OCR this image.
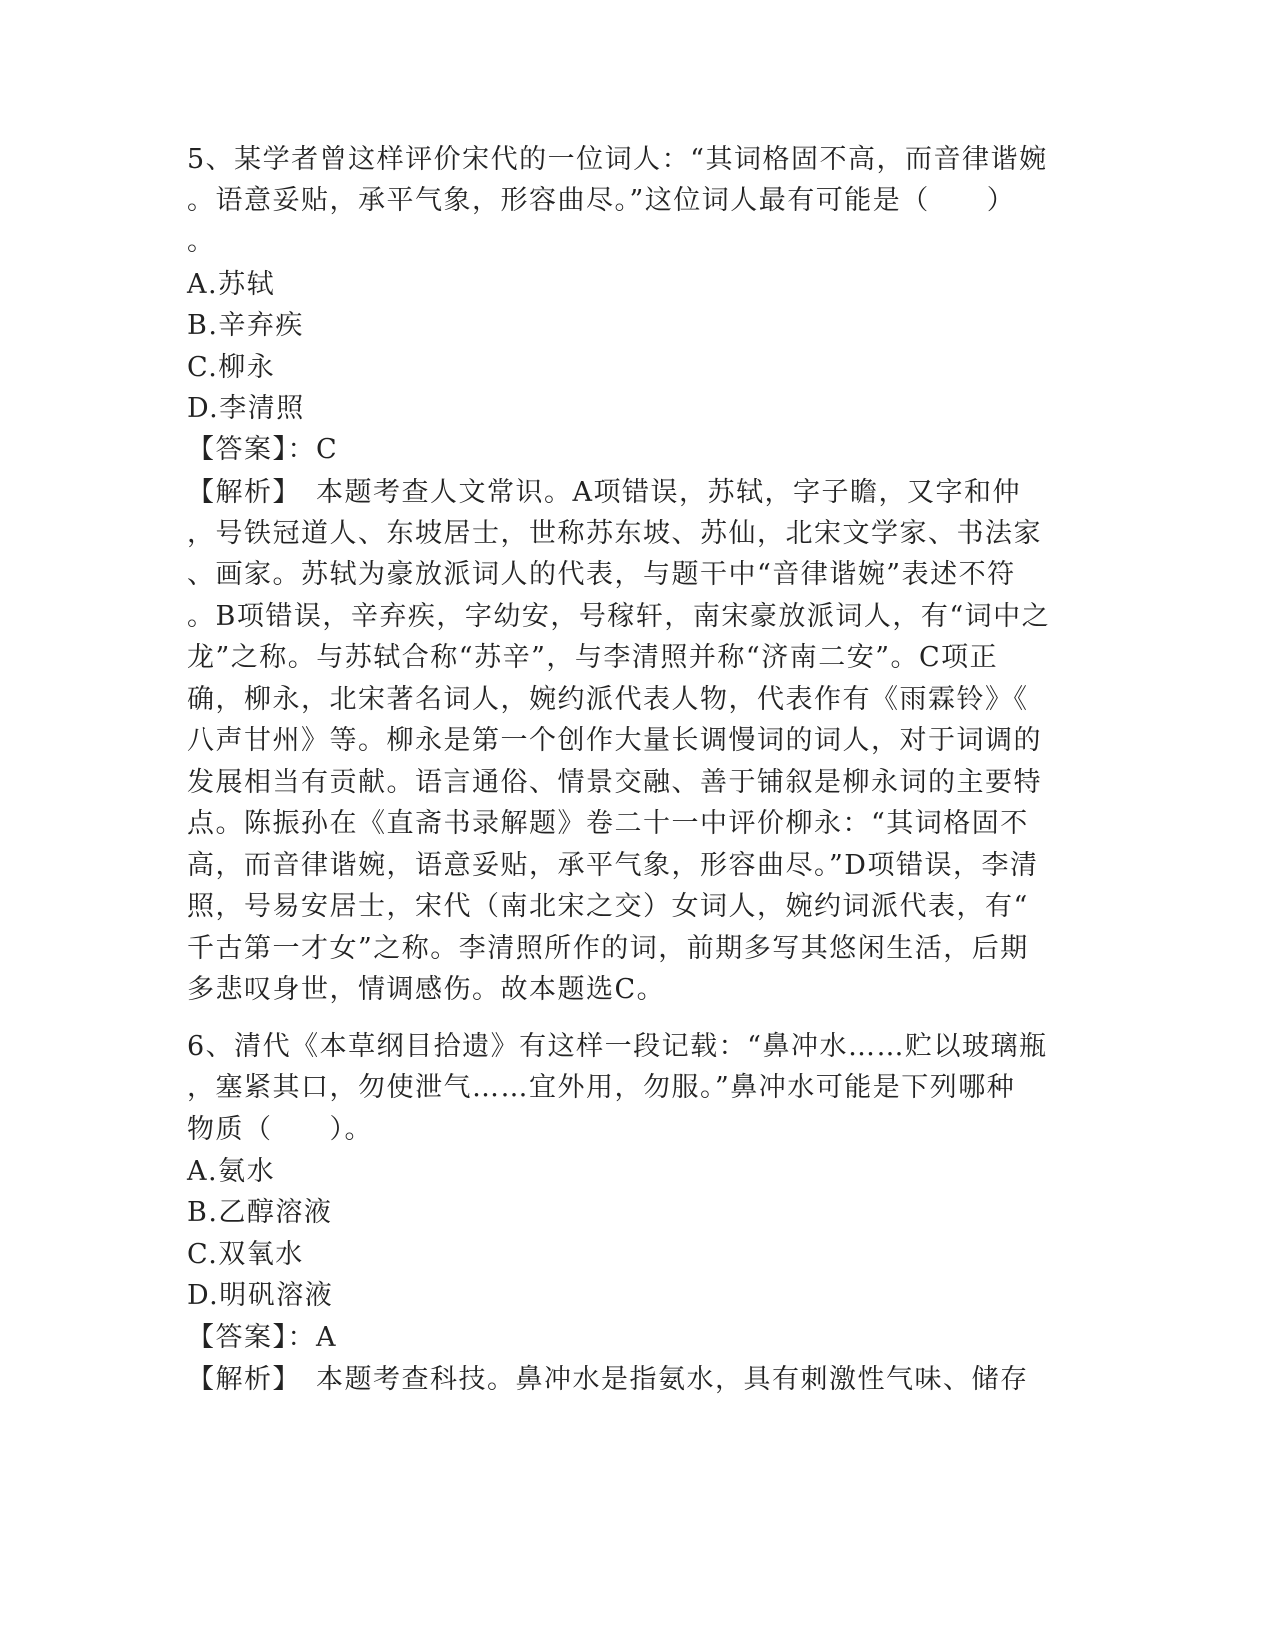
5、某学者曾这样评价宋代的一位词人：“其词格固不高，而音律谐婉
。语意妥贴，承平气象，形容曲尽。”这位词人最有可能是（　　）
。
A.苏轼
B.辛弃疾
C.柳永
D.李清照
【答案】：C
【解析】　本题考查人文常识。A项错误，苏轼，字子瞻，又字和仲
，号铁冠道人、东坡居士，世称苏东坡、苏仙，北宋文学家、书法家
、画家。苏轼为豪放派词人的代表，与题干中“音律谐婉”表述不符
。B项错误，辛弃疾，字幼安，号稼轩，南宋豪放派词人，有“词中之
龙”之称。与苏轼合称“苏辛”，与李清照并称“济南二安”。C项正
确，柳永，北宋著名词人，婉约派代表人物，代表作有《雨霖铃》《
八声甘州》等。柳永是第一个创作大量长调慢词的词人，对于词调的
发展相当有贡献。语言通俗、情景交融、善于铺叙是柳永词的主要特
点。陈振孙在《直斋书录解题》卷二十一中评价柳永：“其词格固不
高，而音律谐婉，语意妥贴，承平气象，形容曲尽。”D项错误，李清
照，号易安居士，宋代（南北宋之交）女词人，婉约词派代表，有“
千古第一才女”之称。李清照所作的词，前期多写其悠闲生活，后期
多悲叹身世，情调感伤。故本题选C。
6、清代《本草纲目拾遗》有这样一段记载：“鼻冲水……贮以玻璃瓶
，塞紧其口，勿使泄气……宜外用，勿服。”鼻冲水可能是下列哪种
物质（　　）。
A.氨水
B.乙醇溶液
C.双氧水
D.明矾溶液
【答案】：A
【解析】　本题考查科技。鼻冲水是指氨水，具有刺激性气味、储存
